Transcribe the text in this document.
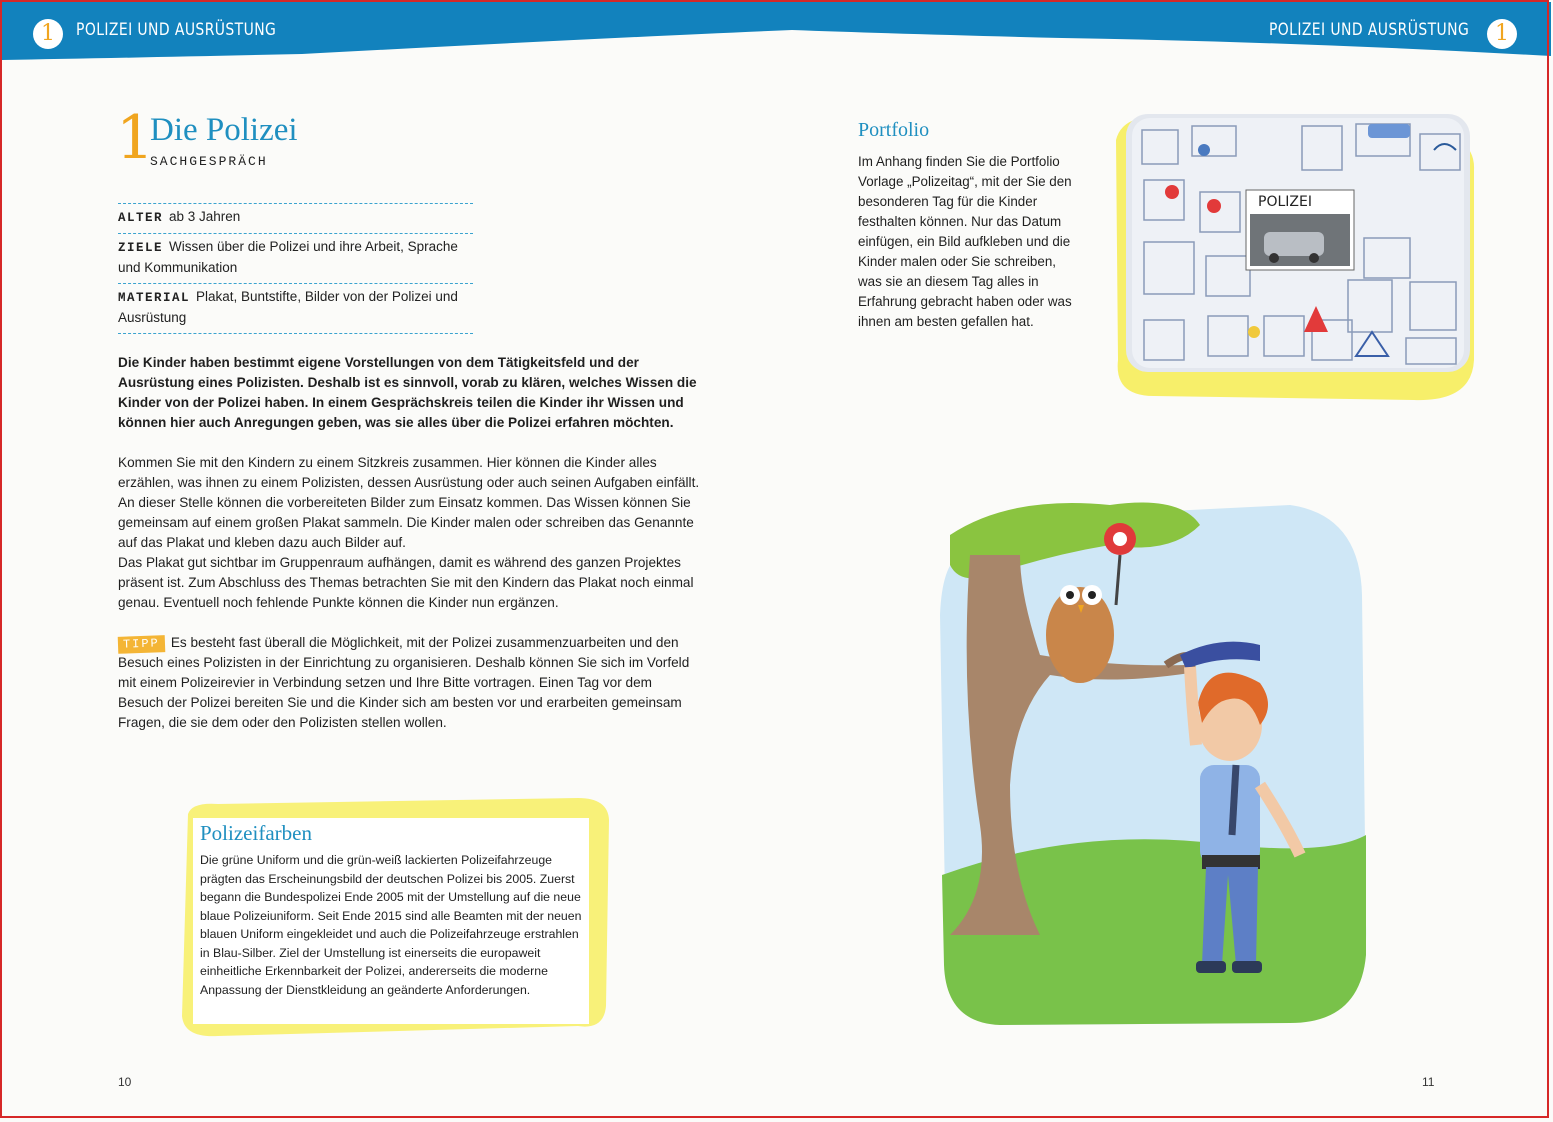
1	POLIZEI UND AUSRÜSTUNG	POLIZEI UND AUSRÜSTUNG	1
1
Die Polizei
SACHGESPRÄCH
ALTER ab 3 Jahren
ZIELE Wissen über die Polizei und ihre Arbeit, Sprache und Kommunikation
MATERIAL Plakat, Buntstifte, Bilder von der Polizei und Ausrüstung
Die Kinder haben bestimmt eigene Vorstellungen von dem Tätigkeitsfeld und der Ausrüstung eines Polizisten. Deshalb ist es sinnvoll, vorab zu klären, welches Wissen die Kinder von der Polizei haben. In einem Gesprächskreis teilen die Kinder ihr Wissen und können hier auch Anregungen geben, was sie alles über die Polizei erfahren möchten.
Kommen Sie mit den Kindern zu einem Sitzkreis zusammen. Hier können die Kinder alles erzählen, was ihnen zu einem Polizisten, dessen Ausrüstung oder auch seinen Aufgaben einfällt. An dieser Stelle können die vorbereiteten Bilder zum Einsatz kommen. Das Wissen können Sie gemeinsam auf einem großen Plakat sammeln. Die Kinder malen oder schreiben das Genannte auf das Plakat und kleben dazu auch Bilder auf.
Das Plakat gut sichtbar im Gruppenraum aufhängen, damit es während des ganzen Projektes präsent ist. Zum Abschluss des Themas betrachten Sie mit den Kindern das Plakat noch einmal genau. Eventuell noch fehlende Punkte können die Kinder nun ergänzen.
TIPP Es besteht fast überall die Möglichkeit, mit der Polizei zusammenzuarbeiten und den Besuch eines Polizisten in der Einrichtung zu organisieren. Deshalb können Sie sich im Vorfeld mit einem Polizeirevier in Verbindung setzen und Ihre Bitte vortragen. Einen Tag vor dem Besuch der Polizei bereiten Sie und die Kinder sich am besten vor und erarbeiten gemeinsam Fragen, die sie dem oder den Polizisten stellen wollen.
Polizeifarben
Die grüne Uniform und die grün-weiß lackierten Polizeifahrzeuge prägten das Erscheinungsbild der deutschen Polizei bis 2005. Zuerst begann die Bundespolizei Ende 2005 mit der Umstellung auf die neue blaue Polizeiuniform. Seit Ende 2015 sind alle Beamten mit der neuen blauen Uniform eingekleidet und auch die Polizeifahrzeuge erstrahlen in Blau-Silber. Ziel der Umstellung ist einerseits die europaweit einheitliche Erkennbarkeit der Polizei, andererseits die moderne Anpassung der Dienstkleidung an geänderte Anforderungen.
Portfolio
Im Anhang finden Sie die Portfolio Vorlage „Polizeitag“, mit der Sie den besonderen Tag für die Kinder festhalten können. Nur das Datum einfügen, ein Bild aufkleben und die Kinder malen oder Sie schreiben, was sie an diesem Tag alles in Erfahrung gebracht haben oder was ihnen am besten gefallen hat.
POLIZEI
10	11
